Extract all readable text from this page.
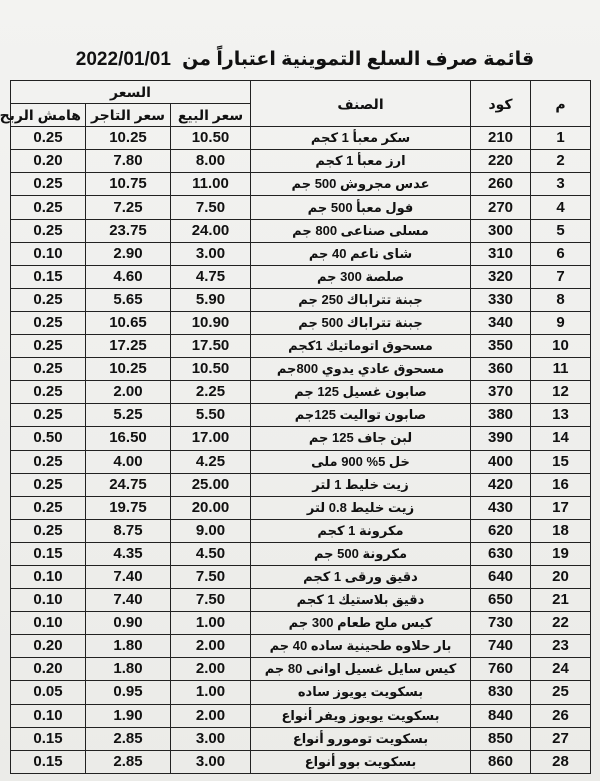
قائمة صرف السلع التموينية اعتباراً من 2022/01/01
م	كود	الصنف	السعر		
			سعر البيع	سعر التاجر	هامش الربح
1	210	سكر معبأ 1 كجم	10.50	10.25	0.25
2	220	ارز معبأ 1 كجم	8.00	7.80	0.20
3	260	عدس مجروش 500 جم	11.00	10.75	0.25
4	270	فول معبأ 500 جم	7.50	7.25	0.25
5	300	مسلى صناعى 800 جم	24.00	23.75	0.25
6	310	شاى ناعم 40 جم	3.00	2.90	0.10
7	320	صلصة 300 جم	4.75	4.60	0.15
8	330	جبنة تتراباك 250 جم	5.90	5.65	0.25
9	340	جبنة تتراباك 500 جم	10.90	10.65	0.25
10	350	مسحوق اتوماتيك 1كجم	17.50	17.25	0.25
11	360	مسحوق عادي يدوي 800جم	10.50	10.25	0.25
12	370	صابون غسيل 125 جم	2.25	2.00	0.25
13	380	صابون تواليت 125جم	5.50	5.25	0.25
14	390	لبن جاف 125 جم	17.00	16.50	0.50
15	400	خل 5% 900 ملى	4.25	4.00	0.25
16	420	زيت خليط 1 لتر	25.00	24.75	0.25
17	430	زيت خليط 0.8 لتر	20.00	19.75	0.25
18	620	مكرونة 1 كجم	9.00	8.75	0.25
19	630	مكرونة 500 جم	4.50	4.35	0.15
20	640	دقيق ورقى 1 كجم	7.50	7.40	0.10
21	650	دقيق بلاستيك 1 كجم	7.50	7.40	0.10
22	730	كيس ملح طعام 300 جم	1.00	0.90	0.10
23	740	بار حلاوه طحينية ساده 40 جم	2.00	1.80	0.20
24	760	كيس سايل غسيل اوانى 80 جم	2.00	1.80	0.20
25	830	بسكويت يويوز ساده	1.00	0.95	0.05
26	840	بسكويت يويوز ويفر أنواع	2.00	1.90	0.10
27	850	بسكويت تومورو أنواع	3.00	2.85	0.15
28	860	بسكويت بوو أنواع	3.00	2.85	0.15
